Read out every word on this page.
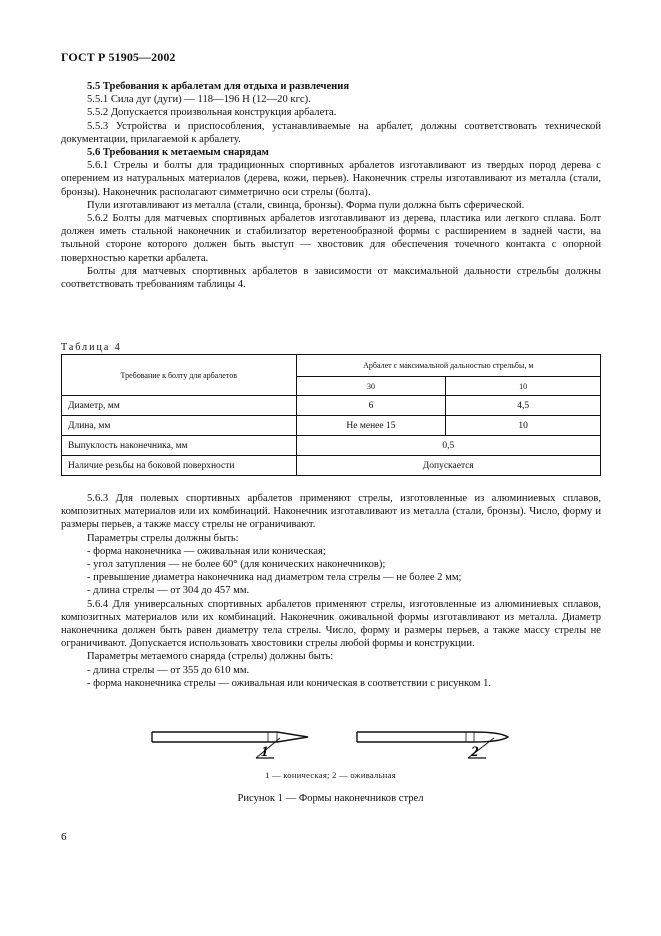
ГОСТ Р 51905—2002

5.5 Требования к арбалетам для отдыха и развлечения

5.5.1 Сила дуг (дуги) — 118—196 Н (12—20 кгс).

5.5.2 Допускается произвольная конструкция арбалета.

5.5.3 Устройства и приспособления, устанавливаемые на арбалет, должны соответствовать технической документации, прилагаемой к арбалету.

5.6 Требования к метаемым снарядам

5.6.1 Стрелы и болты для традиционных спортивных арбалетов изготавливают из твердых пород дерева с оперением из натуральных материалов (дерева, кожи, перьев). Наконечник стрелы изготавливают из металла (стали, бронзы). Наконечник располагают симметрично оси стрелы (болта).

Пули изготавливают из металла (стали, свинца, бронзы). Форма пули должна быть сферической.

5.6.2 Болты для матчевых спортивных арбалетов изготавливают из дерева, пластика или легкого сплава. Болт должен иметь стальной наконечник и стабилизатор веретенообразной формы с расширением в задней части, на тыльной стороне которого должен быть выступ — хвостовик для обеспечения точечного контакта с опорной поверхностью каретки арбалета.

Болты для матчевых спортивных арбалетов в зависимости от максимальной дальности стрельбы должны соответствовать требованиям таблицы 4.

Таблица 4
Требование к болту для арбалетов	Арбалет с максимальной дальностью стрельбы, м	
	30	10
Диаметр, мм	6	4,5
Длина, мм	Не менее 15	10
Выпуклость наконечника, мм	0,5	
Наличие резьбы на боковой поверхности	Допускается	

5.6.3 Для полевых спортивных арбалетов применяют стрелы, изготовленные из алюминиевых сплавов, композитных материалов или их комбинаций. Наконечник изготавливают из металла (стали, бронзы). Число, форму и размеры перьев, а также массу стрелы не ограничивают.

Параметры стрелы должны быть:

- форма наконечника — оживальная или коническая;

- угол затупления — не более 60° (для конических наконечников);

- превышение диаметра наконечника над диаметром тела стрелы — не более 2 мм;

- длина стрелы — от 304 до 457 мм.

5.6.4 Для универсальных спортивных арбалетов применяют стрелы, изготовленные из алюминиевых сплавов, композитных материалов или их комбинаций. Наконечник оживальной формы изготавливают из металла. Диаметр наконечника должен быть равен диаметру тела стрелы. Число, форму и размеры перьев, а также массу стрелы не ограничивают. Допускается использовать хвостовики стрелы любой формы и конструкции.

Параметры метаемого снаряда (стрелы) должны быть:

- длина стрелы — от 355 до 610 мм.

- форма наконечника стрелы — оживальная или коническая в соответствии с рисунком 1.

1	2
1 — коническая; 2 — оживальная
Рисунок 1 — Формы наконечников стрел
6
